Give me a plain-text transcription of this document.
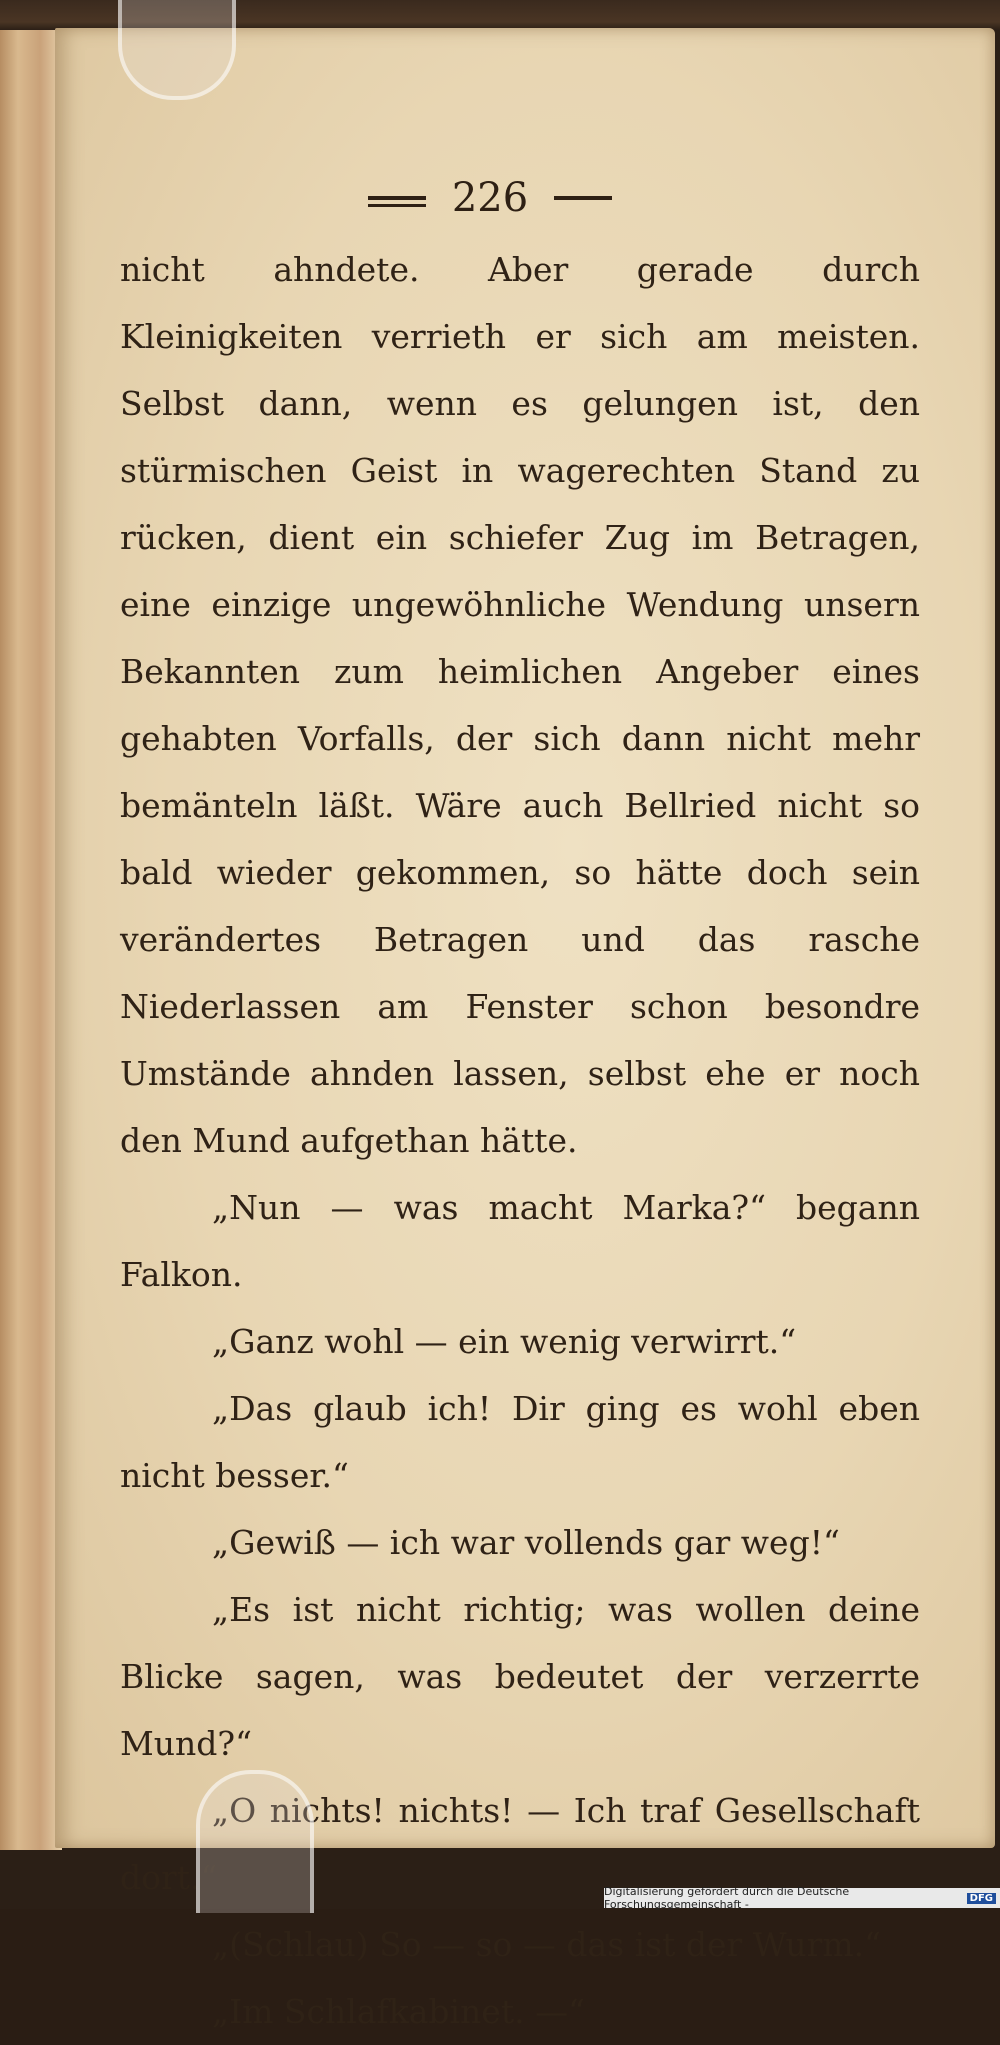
226

nicht ahndete. Aber gerade durch Kleinigkeiten verrieth er sich am meisten. Selbst dann, wenn es gelungen ist, den stürmischen Geist in wagerechten Stand zu rücken, dient ein schiefer Zug im Betragen, eine einzige ungewöhnliche Wendung unsern Bekannten zum heimlichen Angeber eines gehabten Vorfalls, der sich dann nicht mehr bemänteln läßt. Wäre auch Bellried nicht so bald wieder gekommen, so hätte doch sein verändertes Betragen und das rasche Niederlassen am Fenster schon besondre Umstände ahnden lassen, selbst ehe er noch den Mund aufgethan hätte.

„Nun — was macht Marka?“ begann Falkon.

„Ganz wohl — ein wenig verwirrt.“

„Das glaub ich! Dir ging es wohl eben nicht besser.“

„Gewiß — ich war vollends gar weg!“

„Es ist nicht richtig; was wollen deine Blicke sagen, was bedeutet der verzerrte Mund?“

„O nichts! nichts! — Ich traf Gesellschaft dort.“

„(Schlau) So — so — das ist der Wurm.“

„Im Schlafkabinet. —“

Digitalisierung gefördert durch die Deutsche Forschungsgemeinschaft -	DFG
